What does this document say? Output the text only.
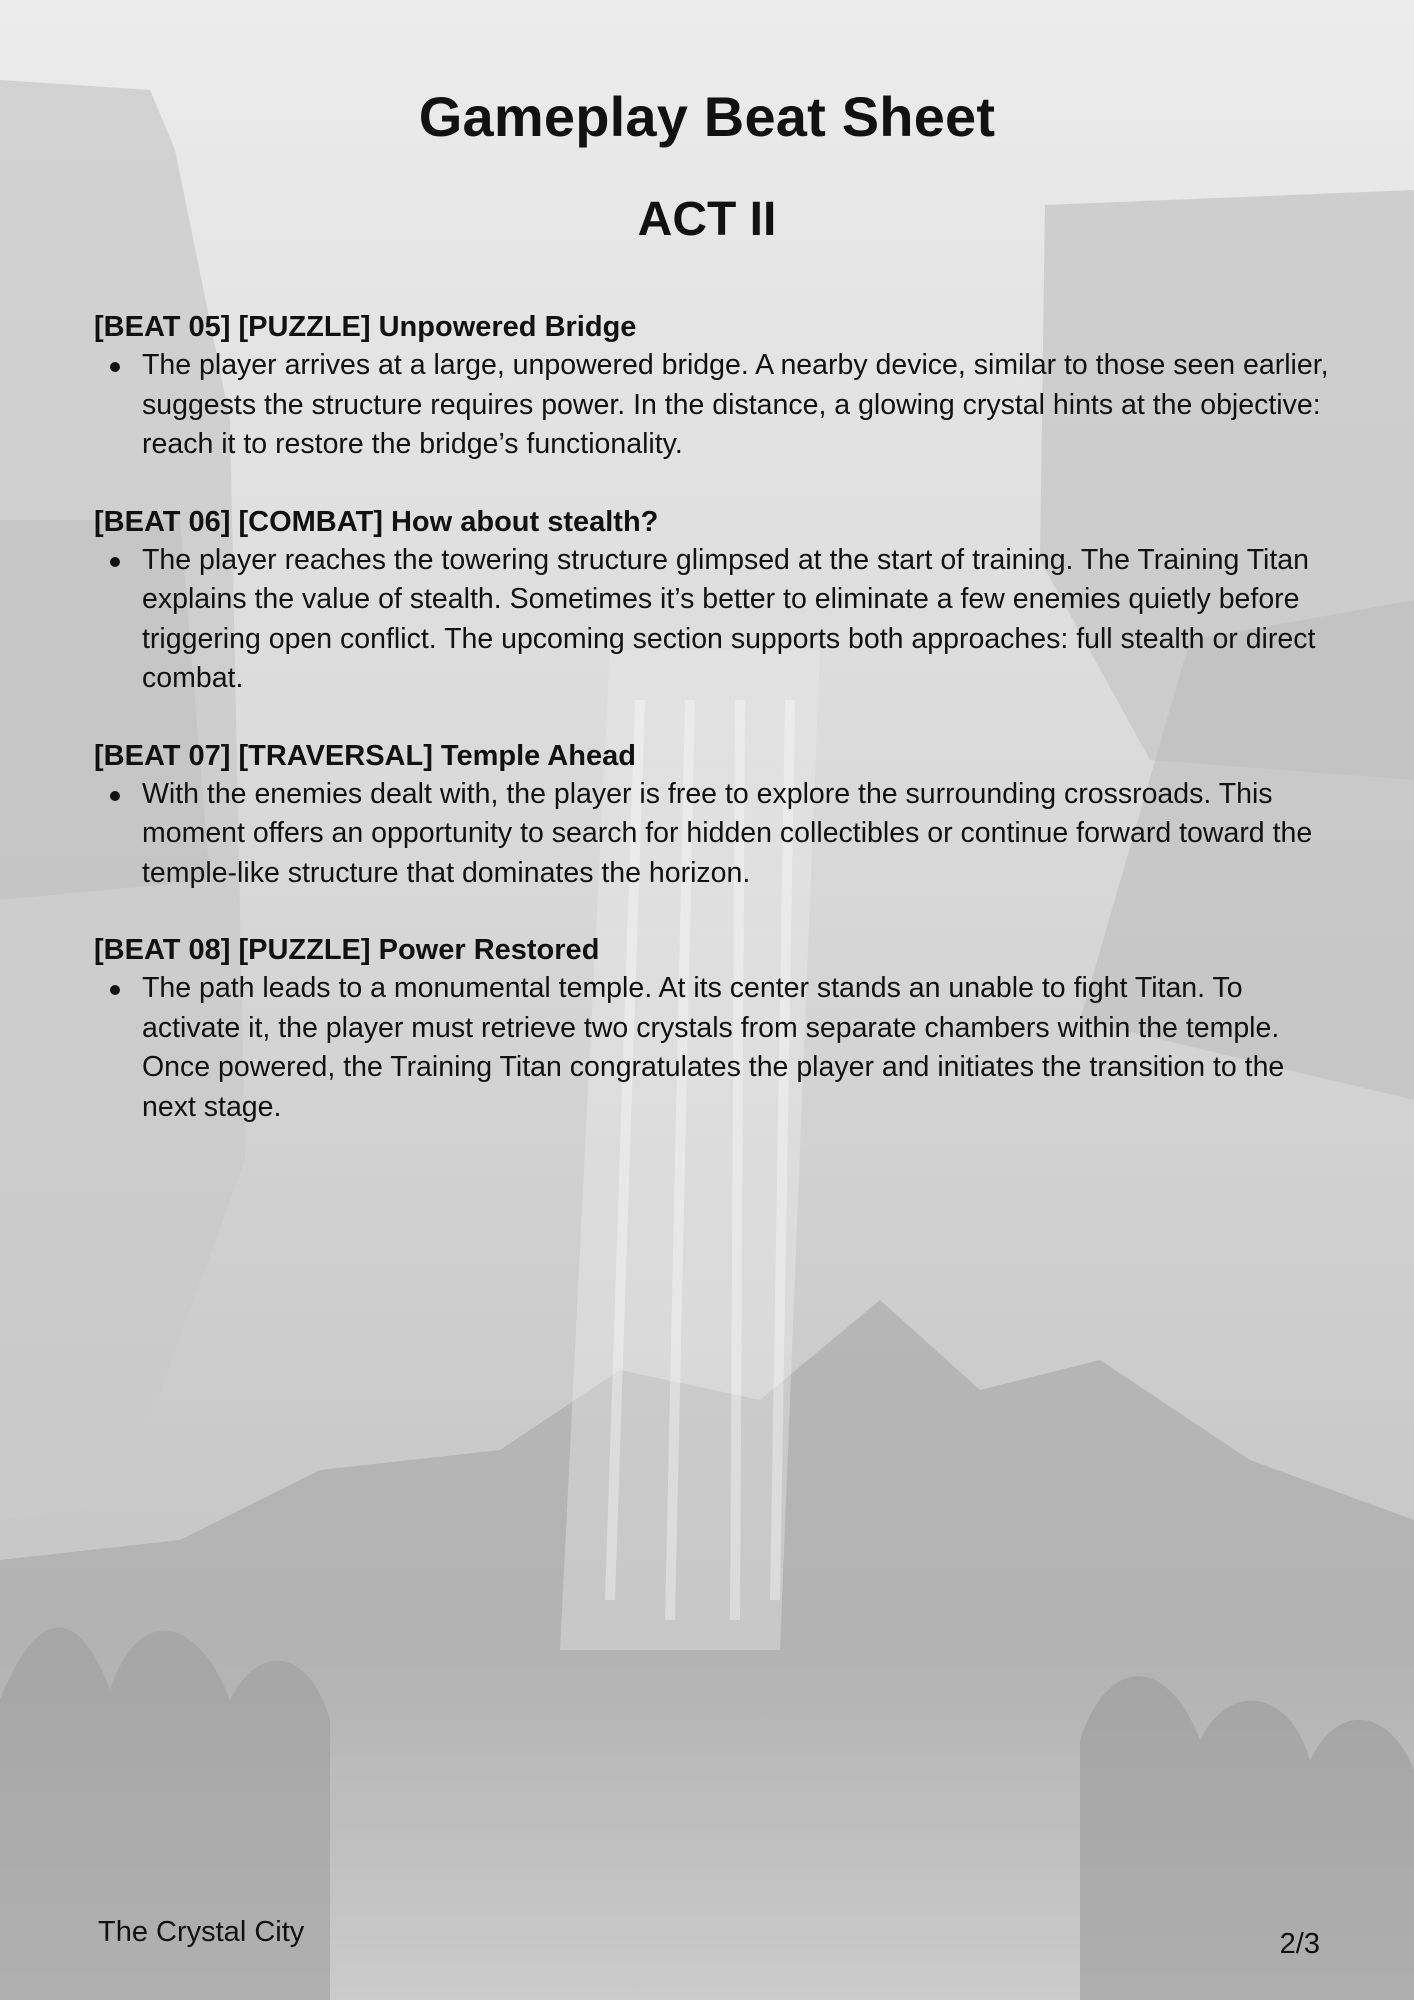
Gameplay Beat Sheet
ACT II

[BEAT 05] [PUZZLE] Unpowered Bridge

The player arrives at a large, unpowered bridge. A nearby device, similar to those seen earlier, suggests the structure requires power. In the distance, a glowing crystal hints at the objective: reach it to restore the bridge’s functionality.

[BEAT 06] [COMBAT] How about stealth?

The player reaches the towering structure glimpsed at the start of training. The Training Titan explains the value of stealth. Sometimes it’s better to eliminate a few enemies quietly before triggering open conflict. The upcoming section supports both approaches: full stealth or direct combat.

[BEAT 07] [TRAVERSAL] Temple Ahead

With the enemies dealt with, the player is free to explore the surrounding crossroads. This moment offers an opportunity to search for hidden collectibles or continue forward toward the temple-like structure that dominates the horizon.

[BEAT 08] [PUZZLE] Power Restored

The path leads to a monumental temple. At its center stands an unable to fight Titan. To activate it, the player must retrieve two crystals from separate chambers within the temple. Once powered, the Training Titan congratulates the player and initiates the transition to the next stage.

The Crystal City	2/3
